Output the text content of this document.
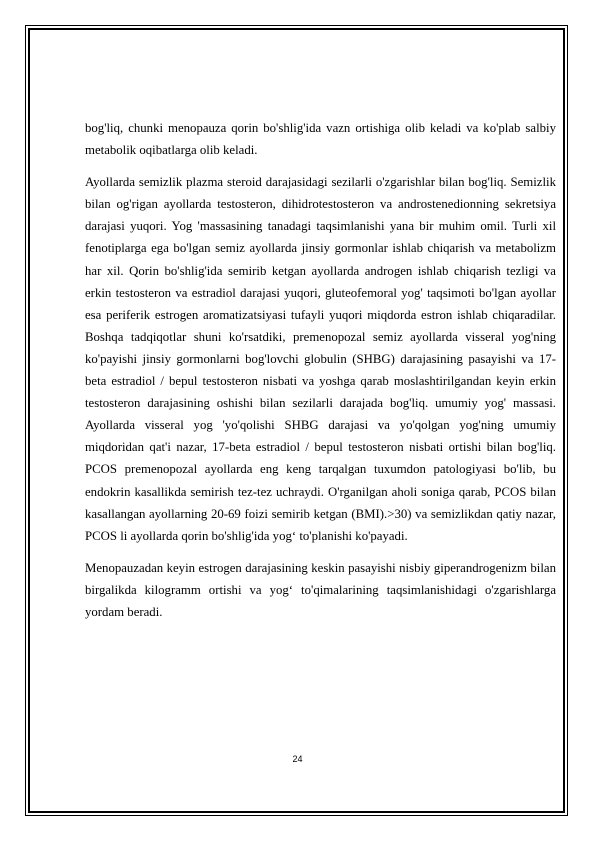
bog'liq, chunki menopauza qorin bo'shlig'ida vazn ortishiga olib keladi va ko'plab salbiy metabolik oqibatlarga olib keladi.

Ayollarda semizlik plazma steroid darajasidagi sezilarli o'zgarishlar bilan bog'liq. Semizlik bilan og'rigan ayollarda testosteron, dihidrotestosteron va androstenedionning sekretsiya darajasi yuqori. Yog 'massasining tanadagi taqsimlanishi yana bir muhim omil. Turli xil fenotiplarga ega bo'lgan semiz ayollarda jinsiy gormonlar ishlab chiqarish va metabolizm har xil. Qorin bo'shlig'ida semirib ketgan ayollarda androgen ishlab chiqarish tezligi va erkin testosteron va estradiol darajasi yuqori, gluteofemoral yog' taqsimoti bo'lgan ayollar esa periferik estrogen aromatizatsiyasi tufayli yuqori miqdorda estron ishlab chiqaradilar. Boshqa tadqiqotlar shuni ko'rsatdiki, premenopozal semiz ayollarda visseral yog'ning ko'payishi jinsiy gormonlarni bog'lovchi globulin (SHBG) darajasining pasayishi va 17-beta estradiol / bepul testosteron nisbati va yoshga qarab moslashtirilgandan keyin erkin testosteron darajasining oshishi bilan sezilarli darajada bog'liq. umumiy yog' massasi. Ayollarda visseral yog 'yo'qolishi SHBG darajasi va yo'qolgan yog'ning umumiy miqdoridan qat'i nazar, 17-beta estradiol / bepul testosteron nisbati ortishi bilan bog'liq. PCOS premenopozal ayollarda eng keng tarqalgan tuxumdon patologiyasi bo'lib, bu endokrin kasallikda semirish tez-tez uchraydi. O'rganilgan aholi soniga qarab, PCOS bilan kasallangan ayollarning 20-69 foizi semirib ketgan (BMI).>30) va semizlikdan qatiy nazar, PCOS li ayollarda qorin bo'shlig'ida yog‘ to'planishi ko'payadi.

Menopauzadan keyin estrogen darajasining keskin pasayishi nisbiy giperandrogenizm bilan birgalikda kilogramm ortishi va yog‘ to'qimalarining taqsimlanishidagi o'zgarishlarga yordam beradi.

24
